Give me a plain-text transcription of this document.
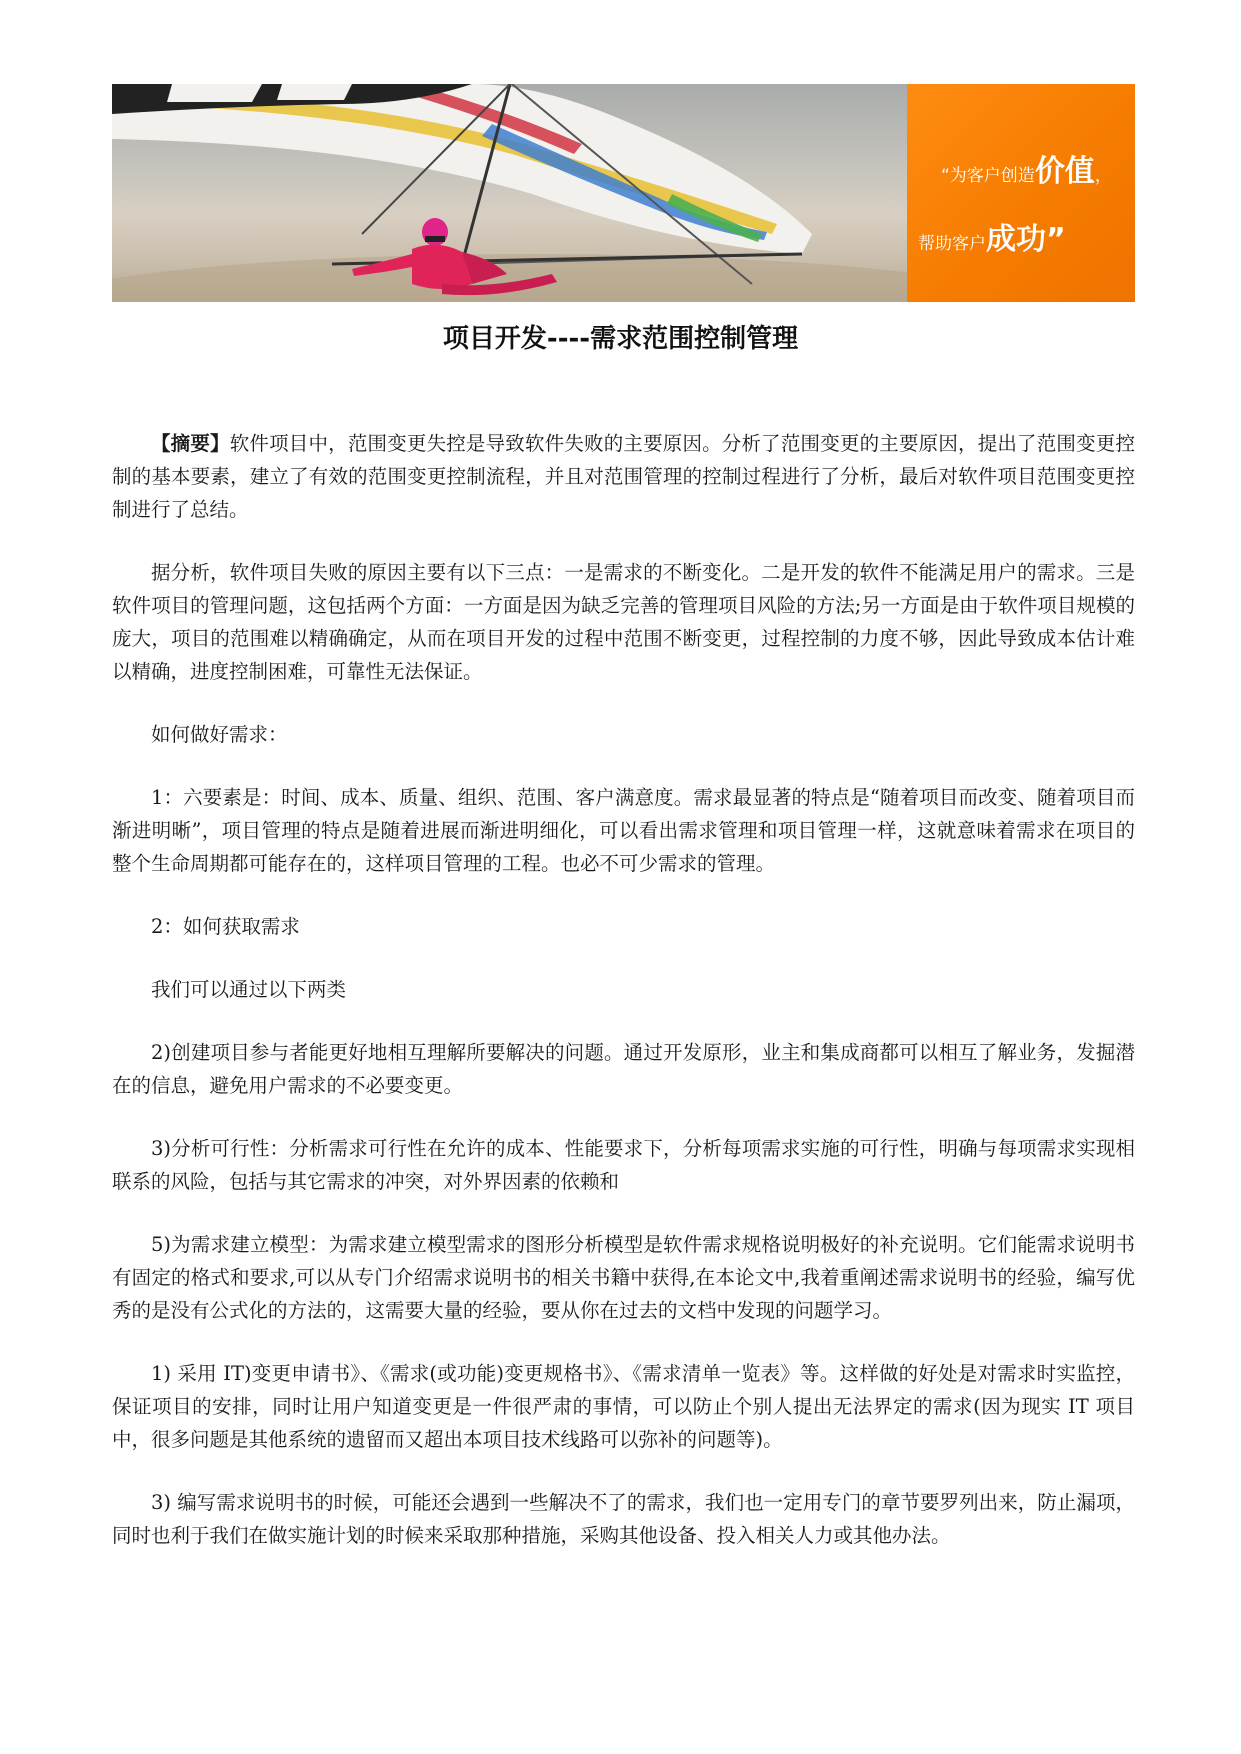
“为客户创造价值，
帮助客户成功”
项目开发----需求范围控制管理

【摘要】软件项目中，范围变更失控是导致软件失败的主要原因。分析了范围变更的主要原因，提出了范围变更控制的基本要素，建立了有效的范围变更控制流程，并且对范围管理的控制过程进行了分析，最后对软件项目范围变更控制进行了总结。

据分析，软件项目失败的原因主要有以下三点：一是需求的不断变化。二是开发的软件不能满足用户的需求。三是软件项目的管理问题，这包括两个方面：一方面是因为缺乏完善的管理项目风险的方法;另一方面是由于软件项目规模的庞大，项目的范围难以精确确定，从而在项目开发的过程中范围不断变更，过程控制的力度不够，因此导致成本估计难以精确，进度控制困难，可靠性无法保证。

如何做好需求：

1：六要素是：时间、成本、质量、组织、范围、客户满意度。需求最显著的特点是“随着项目而改变、随着项目而渐进明晰”，项目管理的特点是随着进展而渐进明细化，可以看出需求管理和项目管理一样，这就意味着需求在项目的整个生命周期都可能存在的，这样项目管理的工程。也必不可少需求的管理。

2：如何获取需求

我们可以通过以下两类

2)创建项目参与者能更好地相互理解所要解决的问题。通过开发原形，业主和集成商都可以相互了解业务，发掘潜在的信息，避免用户需求的不必要变更。

3)分析可行性：分析需求可行性在允许的成本、性能要求下，分析每项需求实施的可行性，明确与每项需求实现相联系的风险，包括与其它需求的冲突，对外界因素的依赖和

5)为需求建立模型：为需求建立模型需求的图形分析模型是软件需求规格说明极好的补充说明。它们能需求说明书有固定的格式和要求,可以从专门介绍需求说明书的相关书籍中获得,在本论文中,我着重阐述需求说明书的经验，编写优秀的是没有公式化的方法的，这需要大量的经验，要从你在过去的文档中发现的问题学习。

1) 采用 IT)变更申请书》、《需求(或功能)变更规格书》、《需求清单一览表》等。这样做的好处是对需求时实监控，保证项目的安排，同时让用户知道变更是一件很严肃的事情，可以防止个别人提出无法界定的需求(因为现实 IT 项目中，很多问题是其他系统的遗留而又超出本项目技术线路可以弥补的问题等)。

3) 编写需求说明书的时候，可能还会遇到一些解决不了的需求，我们也一定用专门的章节要罗列出来，防止漏项，同时也利于我们在做实施计划的时候来采取那种措施，采购其他设备、投入相关人力或其他办法。
